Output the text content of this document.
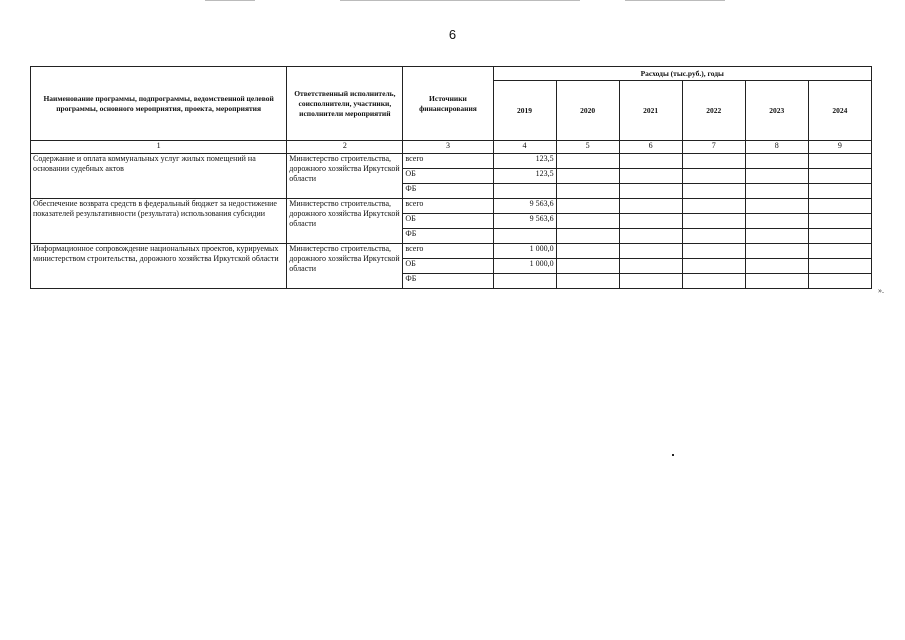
6
Наименование программы, подпрограммы, ведомственной целевой программы, основного мероприятия, проекта, мероприятия	Ответственный исполнитель, соисполнители, участники, исполнители мероприятий	Источники финансирования	Расходы (тыс.руб.), годы					
			2019	2020	2021	2022	2023	2024
1	2	3	4	5	6	7	8	9
Содержание и оплата коммунальных услуг жилых помещений на основании судебных актов	Министерство строительства, дорожного хозяйства Иркутской области	всего	123,5					
		ОБ	123,5					
		ФБ						
Обеспечение возврата средств в федеральный бюджет за недостижение показателей результативности (результата) использования субсидии	Министерство строительства, дорожного хозяйства Иркутской области	всего	9 563,6					
		ОБ	9 563,6					
		ФБ						
Информационное сопровождение национальных проектов, курируемых министерством строительства, дорожного хозяйства Иркутской области	Министерство строительства, дорожного хозяйства Иркутской области	всего	1 000,0					
		ОБ	1 000,0					
		ФБ						
».
